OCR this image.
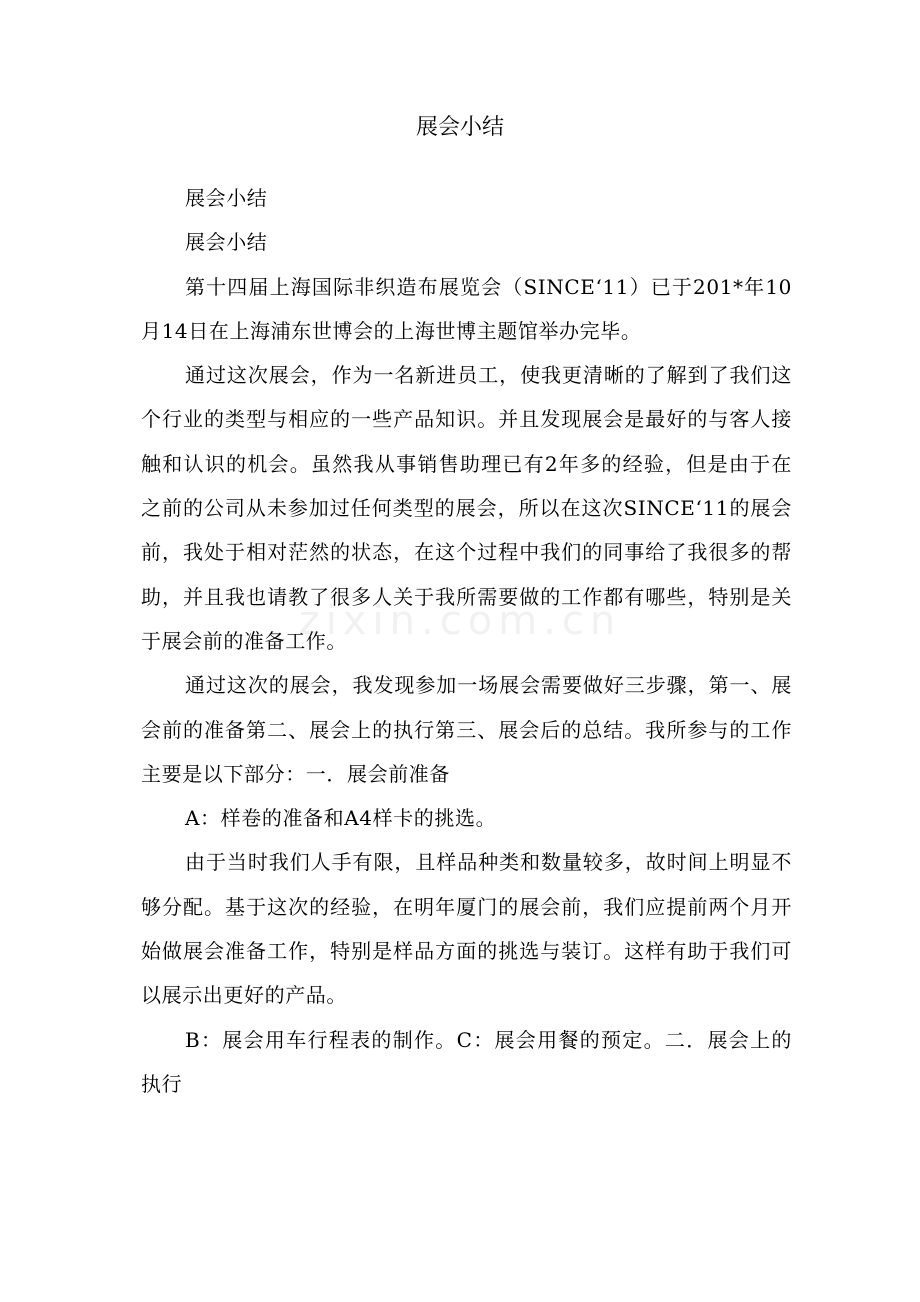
展会小结

展会小结

展会小结

第十四届上海国际非织造布展览会（SINCE‘11）已于201*年10月14日在上海浦东世博会的上海世博主题馆举办完毕。

通过这次展会，作为一名新进员工，使我更清晰的了解到了我们这个行业的类型与相应的一些产品知识。并且发现展会是最好的与客人接触和认识的机会。虽然我从事销售助理已有2年多的经验，但是由于在之前的公司从未参加过任何类型的展会，所以在这次SINCE‘11的展会前，我处于相对茫然的状态，在这个过程中我们的同事给了我很多的帮助，并且我也请教了很多人关于我所需要做的工作都有哪些，特别是关于展会前的准备工作。

通过这次的展会，我发现参加一场展会需要做好三步骤，第一、展会前的准备第二、展会上的执行第三、展会后的总结。我所参与的工作主要是以下部分：一．展会前准备

A：样卷的准备和A4样卡的挑选。

由于当时我们人手有限，且样品种类和数量较多，故时间上明显不够分配。基于这次的经验，在明年厦门的展会前，我们应提前两个月开始做展会准备工作，特别是样品方面的挑选与装订。这样有助于我们可以展示出更好的产品。

B：展会用车行程表的制作。C：展会用餐的预定。二．展会上的执行

zixin.com.cn
